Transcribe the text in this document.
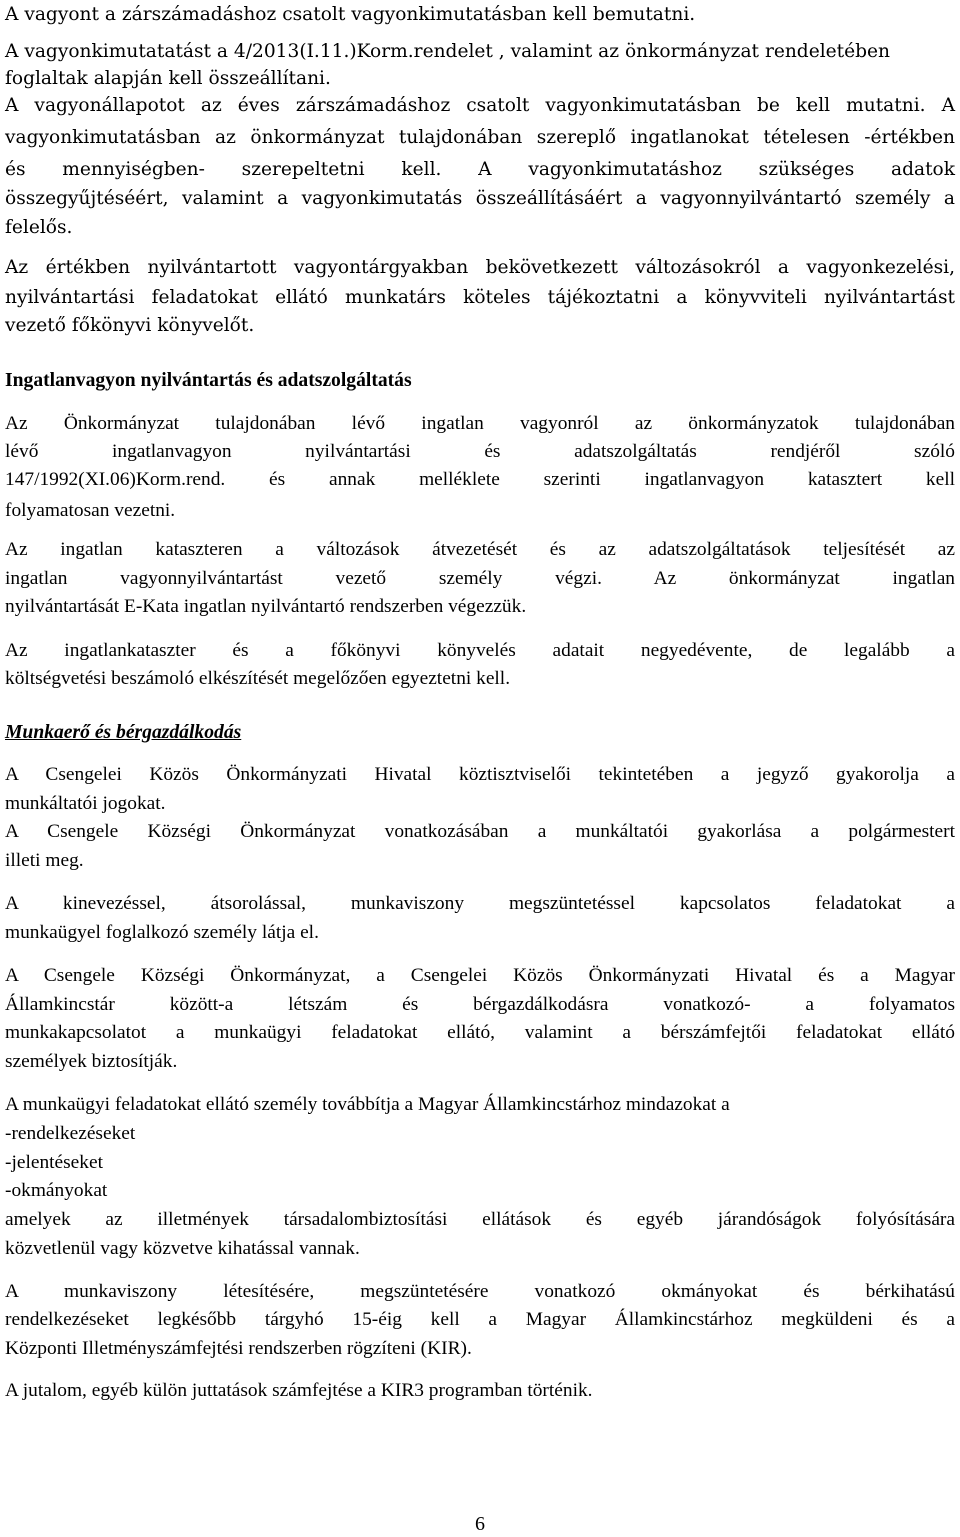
A vagyont a zárszámadáshoz csatolt vagyonkimutatásban kell bemutatni.
A vagyonkimutatatást a 4/2013(I.11.)Korm.rendelet , valamint az önkormányzat rendeletében
foglaltak alapján kell összeállítani.
A vagyonállapotot az éves zárszámadáshoz csatolt vagyonkimutatásban be kell mutatni. A
vagyonkimutatásban az önkormányzat tulajdonában szereplő ingatlanokat tételesen -értékben
és mennyiségben- szerepeltetni kell. A vagyonkimutatáshoz szükséges adatok
összegyűjtéséért, valamint a vagyonkimutatás összeállításáért a vagyonnyilvántartó személy a
felelős.
Az értékben nyilvántartott vagyontárgyakban bekövetkezett változásokról a vagyonkezelési,
nyilvántartási feladatokat ellátó munkatárs köteles tájékoztatni a könyvviteli nyilvántartást
vezető főkönyvi könyvelőt.
Ingatlanvagyon nyilvántartás és adatszolgáltatás
Az Önkormányzat tulajdonában lévő ingatlan vagyonról az önkormányzatok tulajdonában
lévő ingatlanvagyon nyilvántartási és adatszolgáltatás rendjéről szóló
147/1992(XI.06)Korm.rend. és annak melléklete szerinti ingatlanvagyon katasztert kell
folyamatosan vezetni.
Az ingatlan kataszteren a változások átvezetését és az adatszolgáltatások teljesítését az
ingatlan vagyonnyilvántartást vezető személy végzi. Az önkormányzat ingatlan
nyilvántartását E-Kata ingatlan nyilvántartó rendszerben végezzük.
Az ingatlankataszter és a főkönyvi könyvelés adatait negyedévente, de legalább a
költségvetési beszámoló elkészítését megelőzően egyeztetni kell.
Munkaerő és bérgazdálkodás
A Csengelei Közös Önkormányzati Hivatal köztisztviselői tekintetében a jegyző gyakorolja a
munkáltatói jogokat.
A Csengele Községi Önkormányzat vonatkozásában a munkáltatói gyakorlása a polgármestert
illeti meg.
A kinevezéssel, átsorolással, munkaviszony megszüntetéssel kapcsolatos feladatokat a
munkaügyel foglalkozó személy látja el.
A Csengele Községi Önkormányzat, a Csengelei Közös Önkormányzati Hivatal és a Magyar
Államkincstár között-a létszám és bérgazdálkodásra vonatkozó- a folyamatos
munkakapcsolatot a munkaügyi feladatokat ellátó, valamint a bérszámfejtői feladatokat ellátó
személyek biztosítják.
A munkaügyi feladatokat ellátó személy továbbítja a Magyar Államkincstárhoz mindazokat a
-rendelkezéseket
-jelentéseket
-okmányokat
amelyek az illetmények társadalombiztosítási ellátások és egyéb járandóságok folyósítására
közvetlenül vagy közvetve kihatással vannak.
A munkaviszony létesítésére, megszüntetésére vonatkozó okmányokat és bérkihatású
rendelkezéseket legkésőbb tárgyhó 15-éig kell a Magyar Államkincstárhoz megküldeni és a
Központi Illetményszámfejtési rendszerben rögzíteni (KIR).
A jutalom, egyéb külön juttatások számfejtése a KIR3 programban történik.
6
